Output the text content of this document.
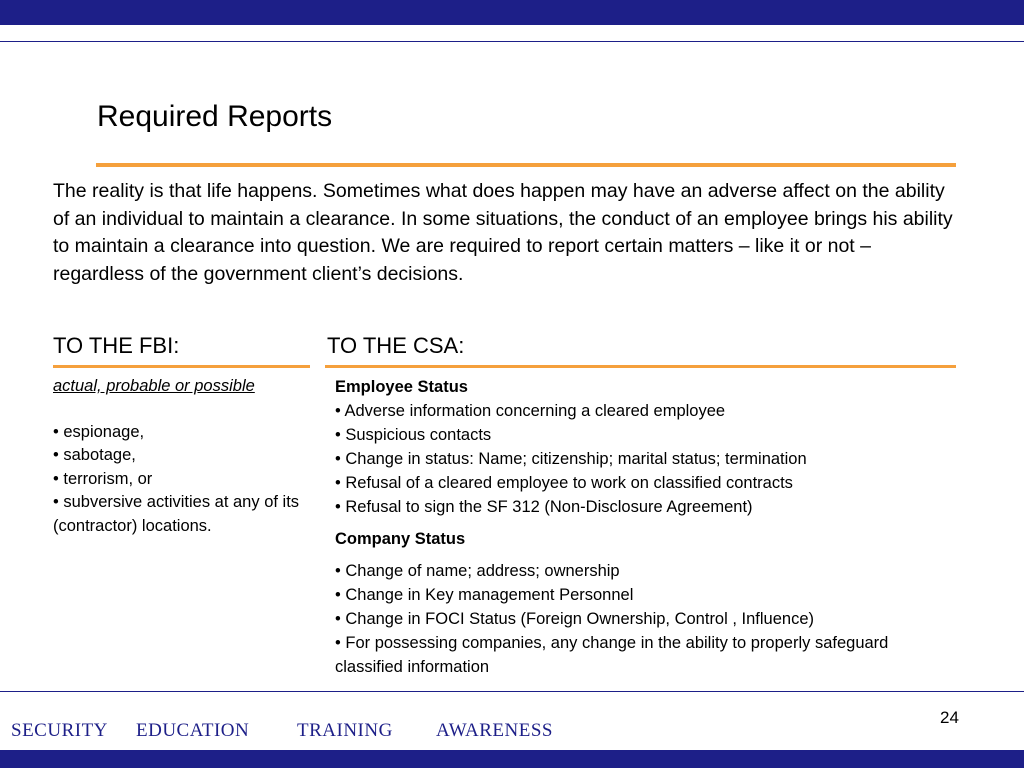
Required Reports

The reality is that life happens. Sometimes what does happen may have an adverse affect on the ability of an individual to maintain a clearance. In some situations, the conduct of an employee brings his ability to maintain a clearance into question. We are required to report certain matters – like it or not – regardless of the government client’s decisions.

TO THE FBI:	TO THE CSA:
actual, probable or possible
• espionage,
• sabotage,
• terrorism, or
• subversive activities at any of its (contractor) locations.
Employee Status
• Adverse information concerning a cleared employee
• Suspicious contacts
• Change in status: Name; citizenship; marital status; termination
• Refusal of a cleared employee to work on classified contracts
• Refusal to sign the SF 312 (Non-Disclosure Agreement)
Company Status
• Change of name; address; ownership
• Change in Key management Personnel
• Change in FOCI Status (Foreign Ownership, Control , Influence)
• For possessing companies, any change in the ability to properly safeguard classified information
24
SECURITY EDUCATION	TRAINING AWARENESS
